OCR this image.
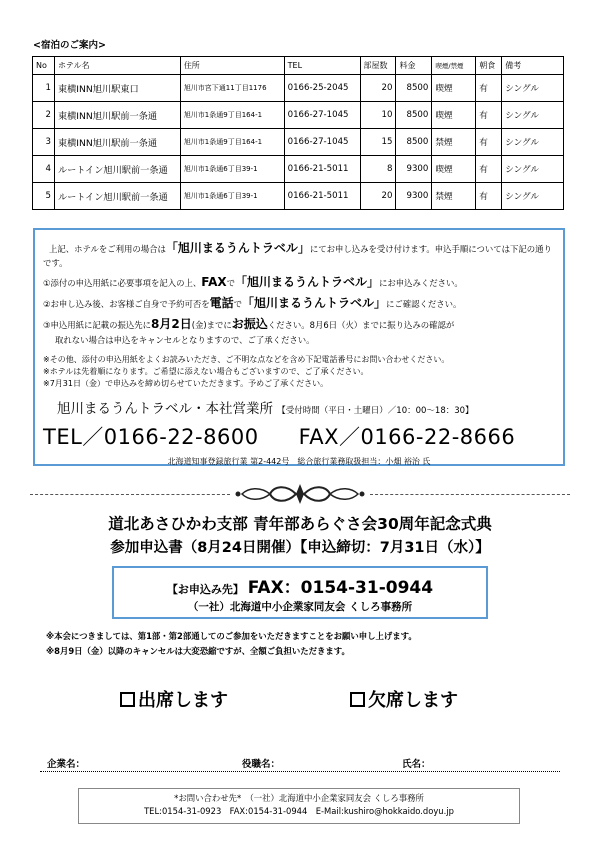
<宿泊のご案内>
No	ホテル名	住所	TEL	部屋数	料金	喫煙/禁煙	朝食	備考
1	東横INN旭川駅東口	旭川市宮下通11丁目1176	0166-25-2045	20	8500	喫煙	有	シングル
2	東横INN旭川駅前一条通	旭川市1条通9丁目164-1	0166-27-1045	10	8500	喫煙	有	シングル
3	東横INN旭川駅前一条通	旭川市1条通9丁目164-1	0166-27-1045	15	8500	禁煙	有	シングル
4	ルートイン旭川駅前一条通	旭川市1条通6丁目39-1	0166-21-5011	8	9300	喫煙	有	シングル
5	ルートイン旭川駅前一条通	旭川市1条通6丁目39-1	0166-21-5011	20	9300	禁煙	有	シングル

上記、ホテルをご利用の場合は「旭川まるうんトラベル」にてお申し込みを受け付けます。申込手順については下記の通りです。

①添付の申込用紙に必要事項を記入の上、FAXで「旭川まるうんトラベル」にお申込みください。

②お申し込み後、お客様ご自身で予約可否を電話で「旭川まるうんトラベル」にご確認ください。

③申込用紙に記載の振込先に8月2日(金)までにお振込ください。8月6日（火）までに振り込みの確認が

取れない場合は申込をキャンセルとなりますので、ご了承ください。

※その他、添付の申込用紙をよくお読みいただき、ご不明な点などを含め下記電話番号にお問い合わせください。

※ホテルは先着順になります。ご希望に添えない場合もございますので、ご了承ください。

※7月31日（金）で申込みを締め切らせていただきます。予めご了承ください。

旭川まるうんトラベル・本社営業所 【受付時間（平日・土曜日）／10：00～18：30】
TEL／0166-22-8600 FAX／0166-22-8666
北海道知事登録旅行業 第2-442号　総合旅行業務取扱担当：小畑 裕治 氏
道北あさひかわ支部 青年部あらぐさ会30周年記念式典
参加申込書（8月24日開催）【申込締切：7月31日（水）】
【お申込み先】 FAX：0154-31-0944
（一社）北海道中小企業家同友会 くしろ事務所
※本会につきましては、第1部・第2部通してのご参加をいただきますことをお願い申し上げます。
※8月9日（金）以降のキャンセルは大変恐縮ですが、全額ご負担いただきます。
出席します	欠席します
企業名：	役職名：	氏名：
*お問い合わせ先*　（一社）北海道中小企業家同友会 くしろ事務所
TEL:0154-31-0923　FAX:0154-31-0944　E-Mail:kushiro@hokkaido.doyu.jp
